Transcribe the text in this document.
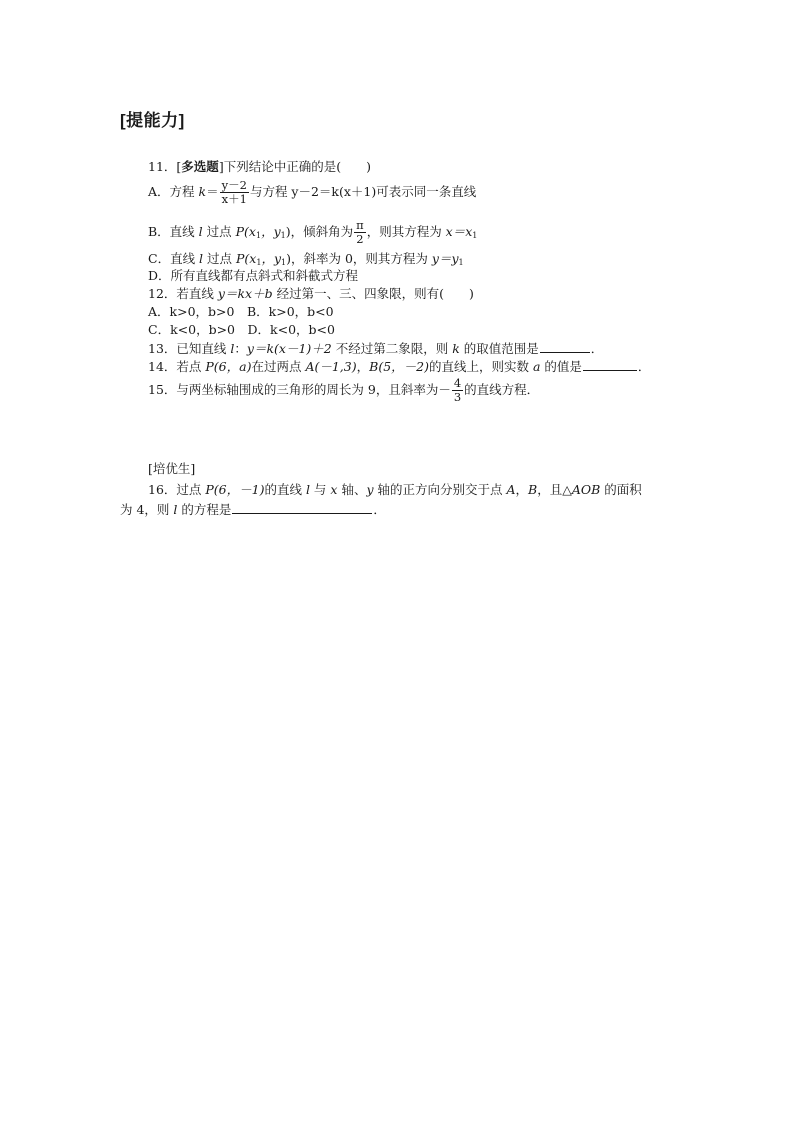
[提能力]
11．[多选题]下列结论中正确的是(　　)
A．方程 $k= \frac{y-2}{x+1}$ 与方程 y－2＝k(x＋1)可表示同一条直线
B．直线 l 过点 $P(x_1$，$y_1$)，倾斜角为 $\frac{\pi}{2}$ ，则其方程为 $x=x_1$
C．直线 l 过点 $P(x_1$，$y_1$)，斜率为 0，则其方程为 $y=y_1$
D．所有直线都有点斜式和斜截式方程
12．若直线 y＝kx＋b 经过第一、三、四象限，则有(　　)
A．k>0，b>0　B．k>0，b<0
C．k<0，b>0　D．k<0，b<0
13．已知直线 l：y＝k(x－1)＋2 不经过第二象限，则 k 的取值范围是	．
14．若点 P(6，a)在过两点 A(－1,3)，B(5，－2)的直线上，则实数 a 的值是	．
15．与两坐标轴围成的三角形的周长为 9，且斜率为－ $\frac{4}{3}$ 的直线方程．
[培优生]
16．过点 P(6，－1)的直线 l 与 x 轴、y 轴的正方向分别交于点 A，B，且△AOB 的面积
为 4，则 l 的方程是	．
